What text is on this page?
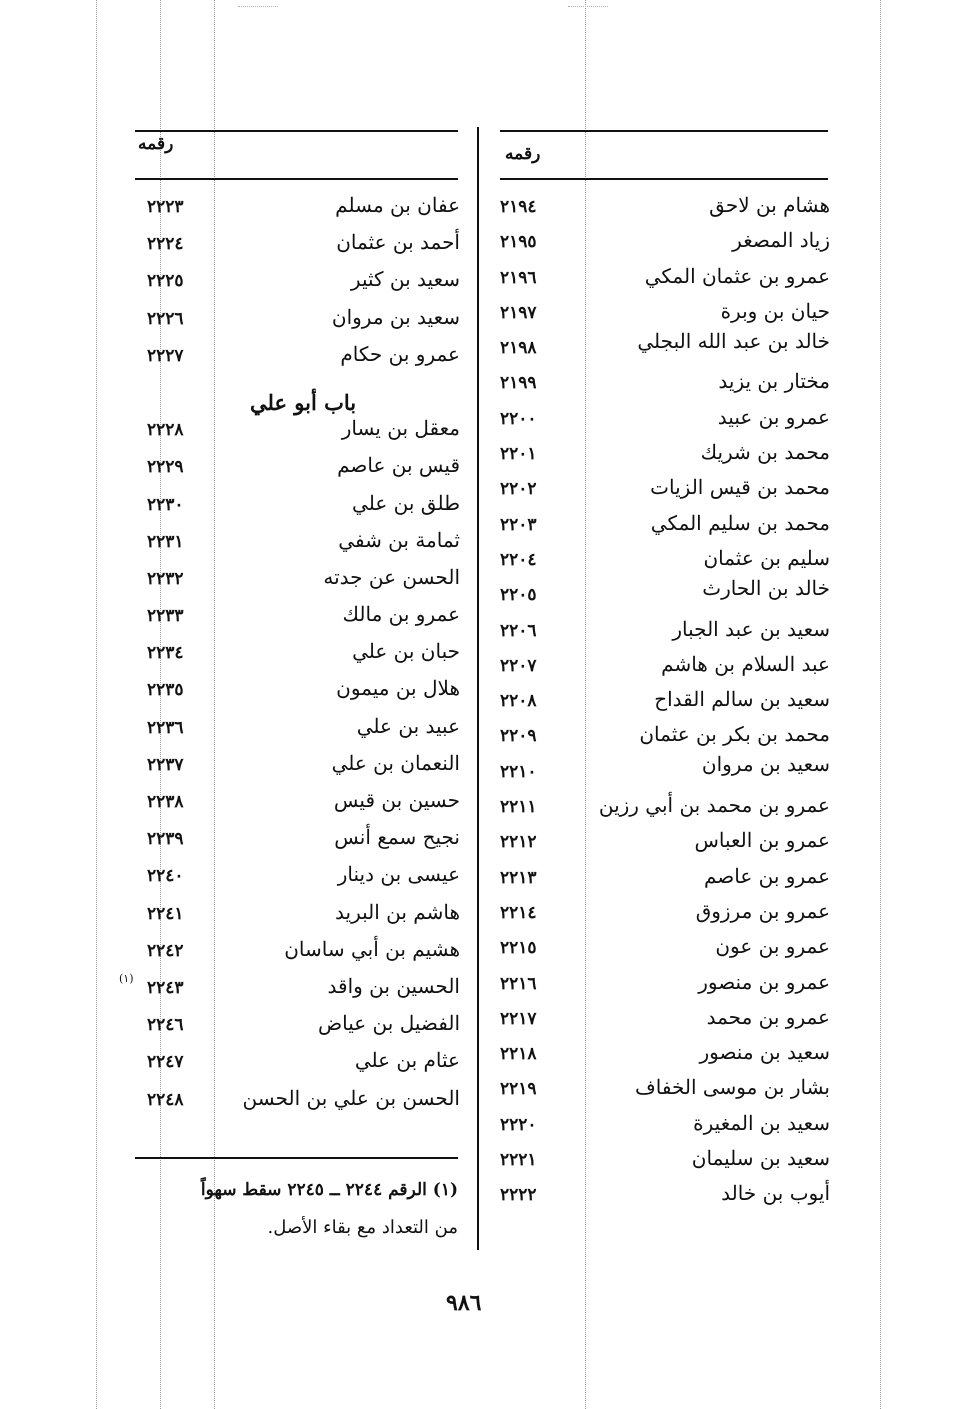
رقمه	رقمه
هشام بن لاحق
٢١٩٤
زياد المصغر
٢١٩٥
عمرو بن عثمان المكي
٢١٩٦
حيان بن وبرة
خالد بن عبد الله البجلي
٢١٩٧
٢١٩٨
مختار بن يزيد
٢١٩٩
عمرو بن عبيد
٢٢٠٠
محمد بن شريك
٢٢٠١
محمد بن قيس الزيات
٢٢٠٢
محمد بن سليم المكي
٢٢٠٣
سليم بن عثمان
خالد بن الحارث
٢٢٠٤
٢٢٠٥
سعيد بن عبد الجبار
٢٢٠٦
عبد السلام بن هاشم
٢٢٠٧
سعيد بن سالم القداح
٢٢٠٨
محمد بن بكر بن عثمان
سعيد بن مروان
٢٢٠٩
٢٢١٠
عمرو بن محمد بن أبي رزين
٢٢١١
عمرو بن العباس
٢٢١٢
عمرو بن عاصم
٢٢١٣
عمرو بن مرزوق
٢٢١٤
عمرو بن عون
٢٢١٥
عمرو بن منصور
٢٢١٦
عمرو بن محمد
٢٢١٧
سعيد بن منصور
٢٢١٨
بشار بن موسى الخفاف
٢٢١٩
سعيد بن المغيرة
٢٢٢٠
سعيد بن سليمان
٢٢٢١
أيوب بن خالد
٢٢٢٢
عفان بن مسلم
٢٢٢٣
أحمد بن عثمان
٢٢٢٤
سعيد بن كثير
٢٢٢٥
سعيد بن مروان
٢٢٢٦
عمرو بن حكام
٢٢٢٧
معقل بن يسار
٢٢٢٨
قيس بن عاصم
٢٢٢٩
طلق بن علي
٢٢٣٠
ثمامة بن شفي
٢٢٣١
الحسن عن جدته
٢٢٣٢
عمرو بن مالك
٢٢٣٣
حبان بن علي
٢٢٣٤
هلال بن ميمون
٢٢٣٥
عبيد بن علي
٢٢٣٦
النعمان بن علي
٢٢٣٧
حسين بن قيس
٢٢٣٨
نجيح سمع أنس
٢٢٣٩
عيسى بن دينار
٢٢٤٠
هاشم بن البريد
٢٢٤١
هشيم بن أبي ساسان
٢٢٤٢
الحسين بن واقد
٢٢٤٣
(١)
الفضيل بن عياض
٢٢٤٦
عثام بن علي
٢٢٤٧
الحسن بن علي بن الحسن
٢٢٤٨
باب أبو علي
(١) الرقم ٢٢٤٤ ــ ٢٢٤٥ سقط سهواً
من التعداد مع بقاء الأصل.
٩٨٦
